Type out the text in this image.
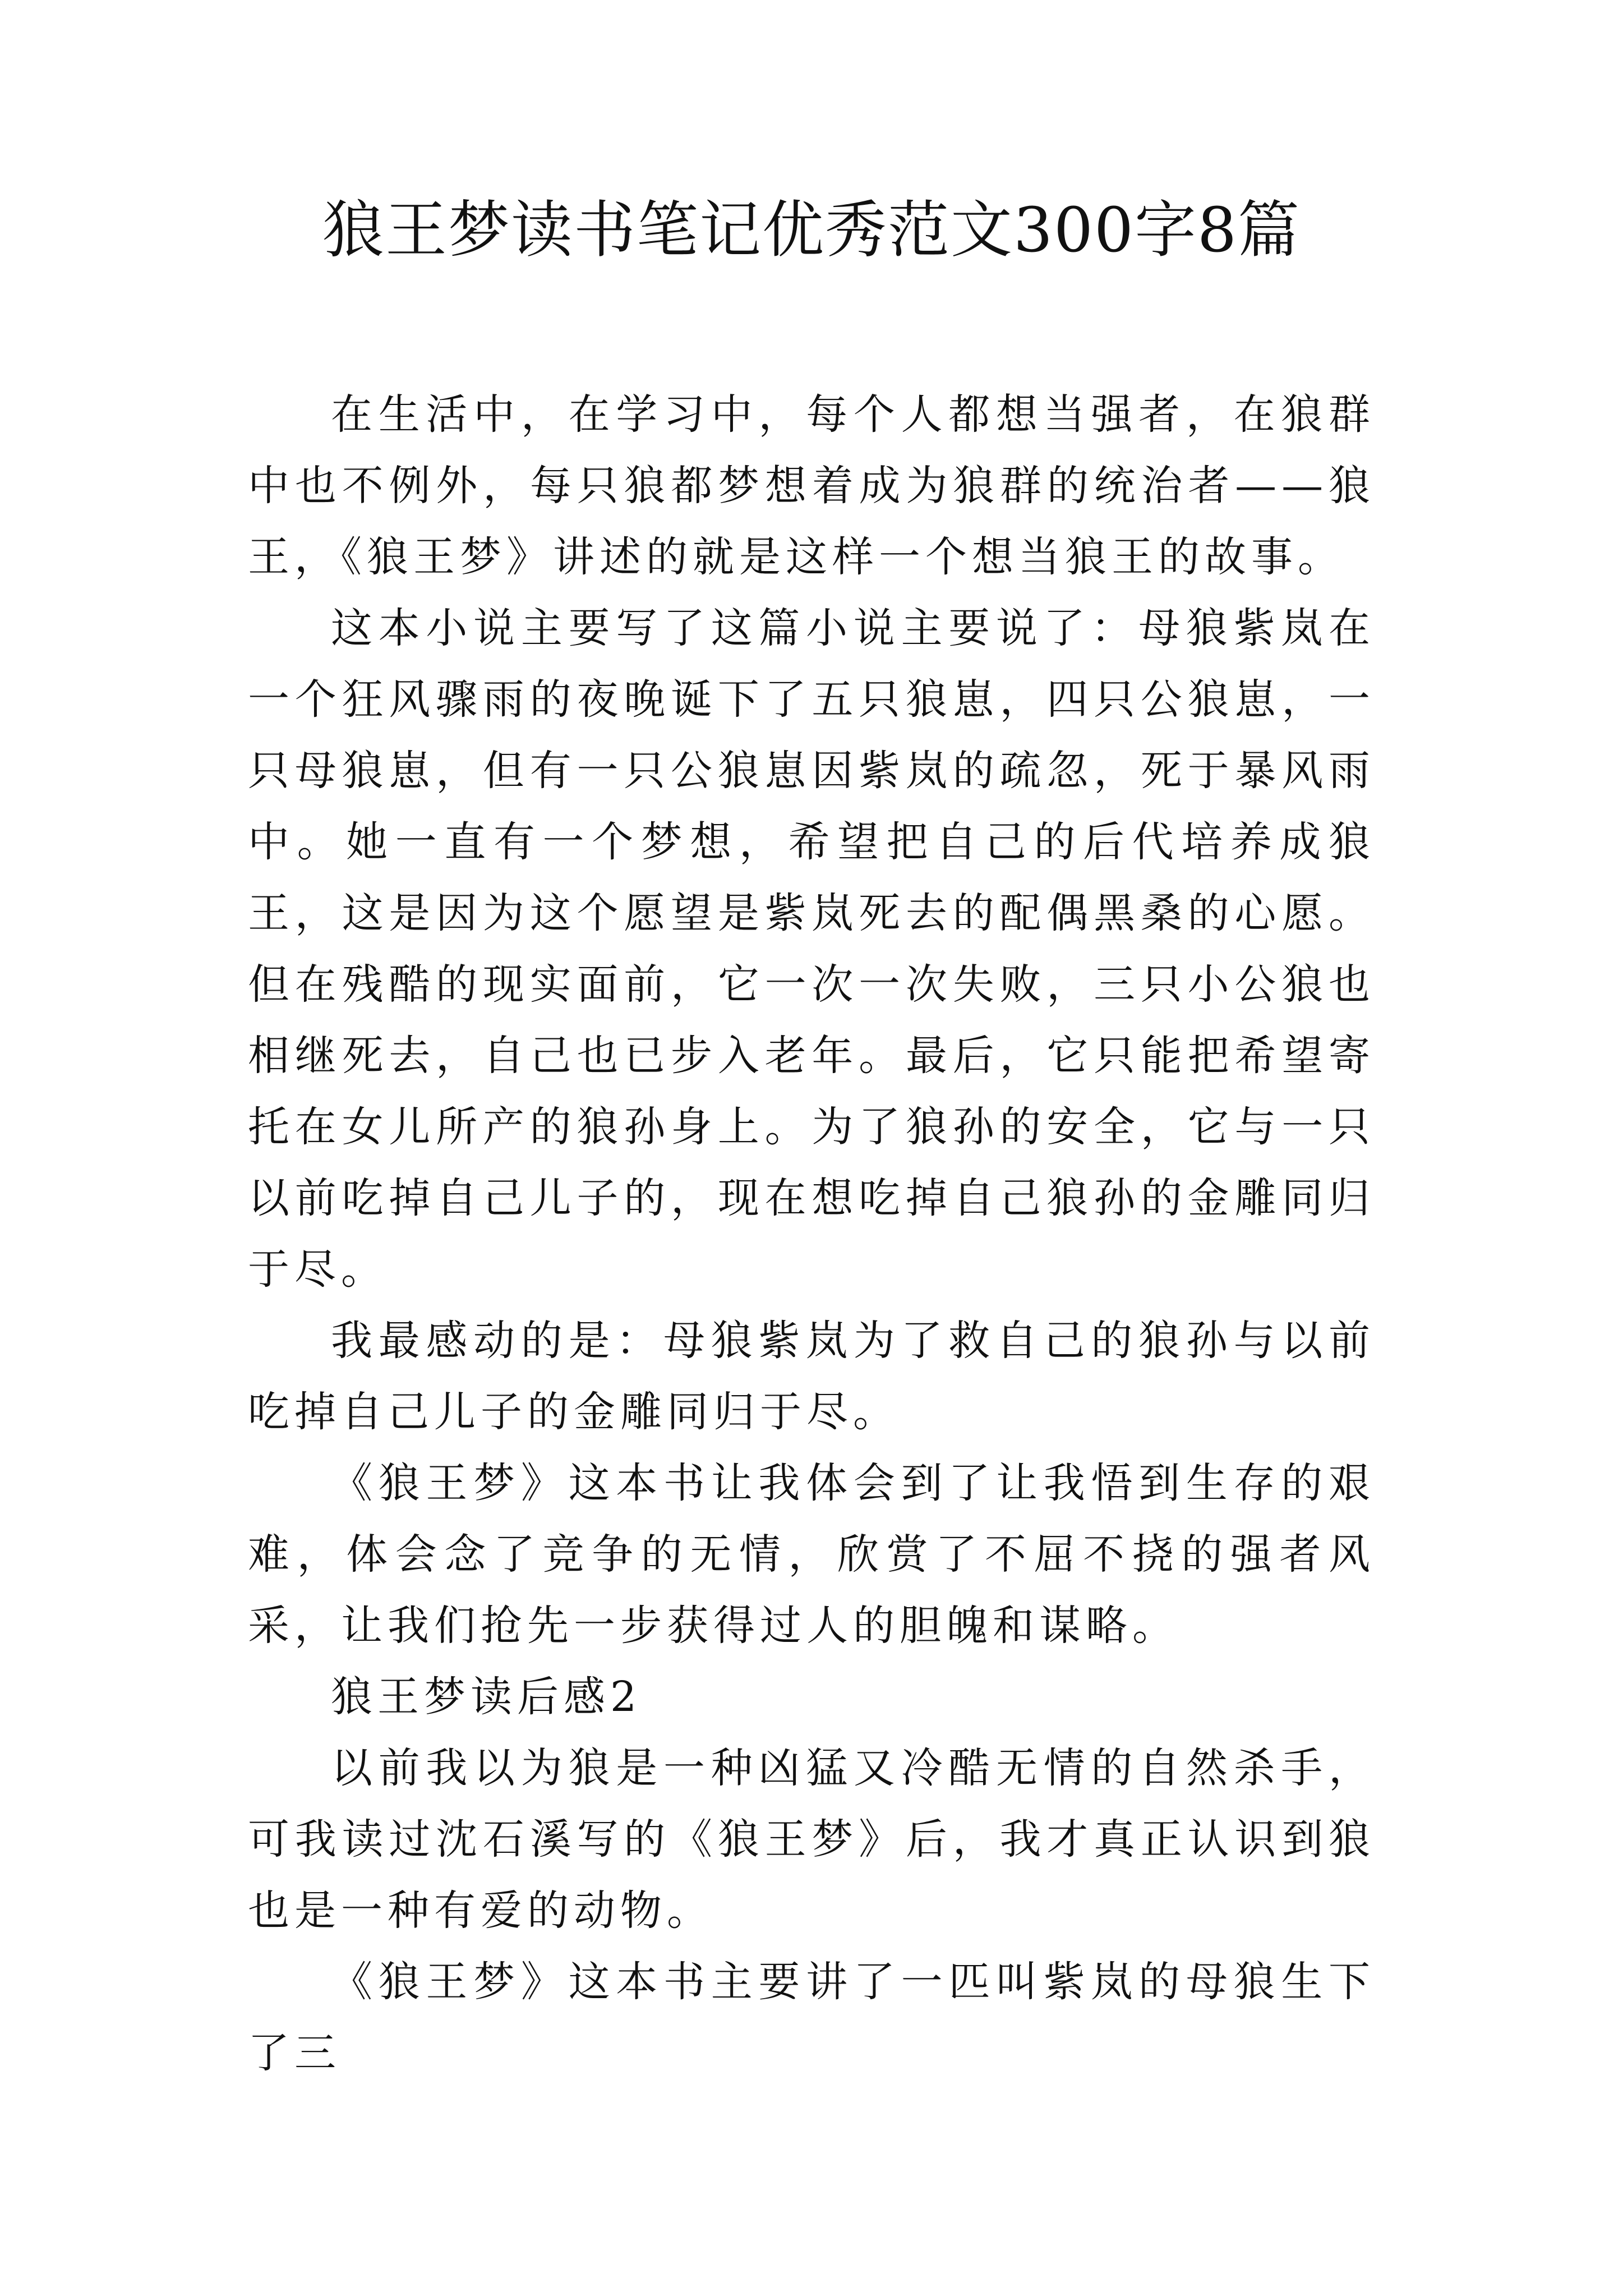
狼王梦读书笔记优秀范文300字8篇

在生活中，在学习中，每个人都想当强者，在狼群中也不例外，每只狼都梦想着成为狼群的统治者——狼王，《狼王梦》讲述的就是这样一个想当狼王的故事。

这本小说主要写了这篇小说主要说了：母狼紫岚在一个狂风骤雨的夜晚诞下了五只狼崽，四只公狼崽，一只母狼崽，但有一只公狼崽因紫岚的疏忽，死于暴风雨中。她一直有一个梦想，希望把自己的后代培养成狼王，这是因为这个愿望是紫岚死去的配偶黑桑的心愿。但在残酷的现实面前，它一次一次失败，三只小公狼也相继死去，自己也已步入老年。最后，它只能把希望寄托在女儿所产的狼孙身上。为了狼孙的安全，它与一只以前吃掉自己儿子的，现在想吃掉自己狼孙的金雕同归于尽。

我最感动的是：母狼紫岚为了救自己的狼孙与以前吃掉自己儿子的金雕同归于尽。

《狼王梦》这本书让我体会到了让我悟到生存的艰难，体会念了竞争的无情，欣赏了不屈不挠的强者风采，让我们抢先一步获得过人的胆魄和谋略。

狼王梦读后感2

以前我以为狼是一种凶猛又冷酷无情的自然杀手，可我读过沈石溪写的《狼王梦》后，我才真正认识到狼也是一种有爱的动物。

《狼王梦》这本书主要讲了一匹叫紫岚的母狼生下了三
